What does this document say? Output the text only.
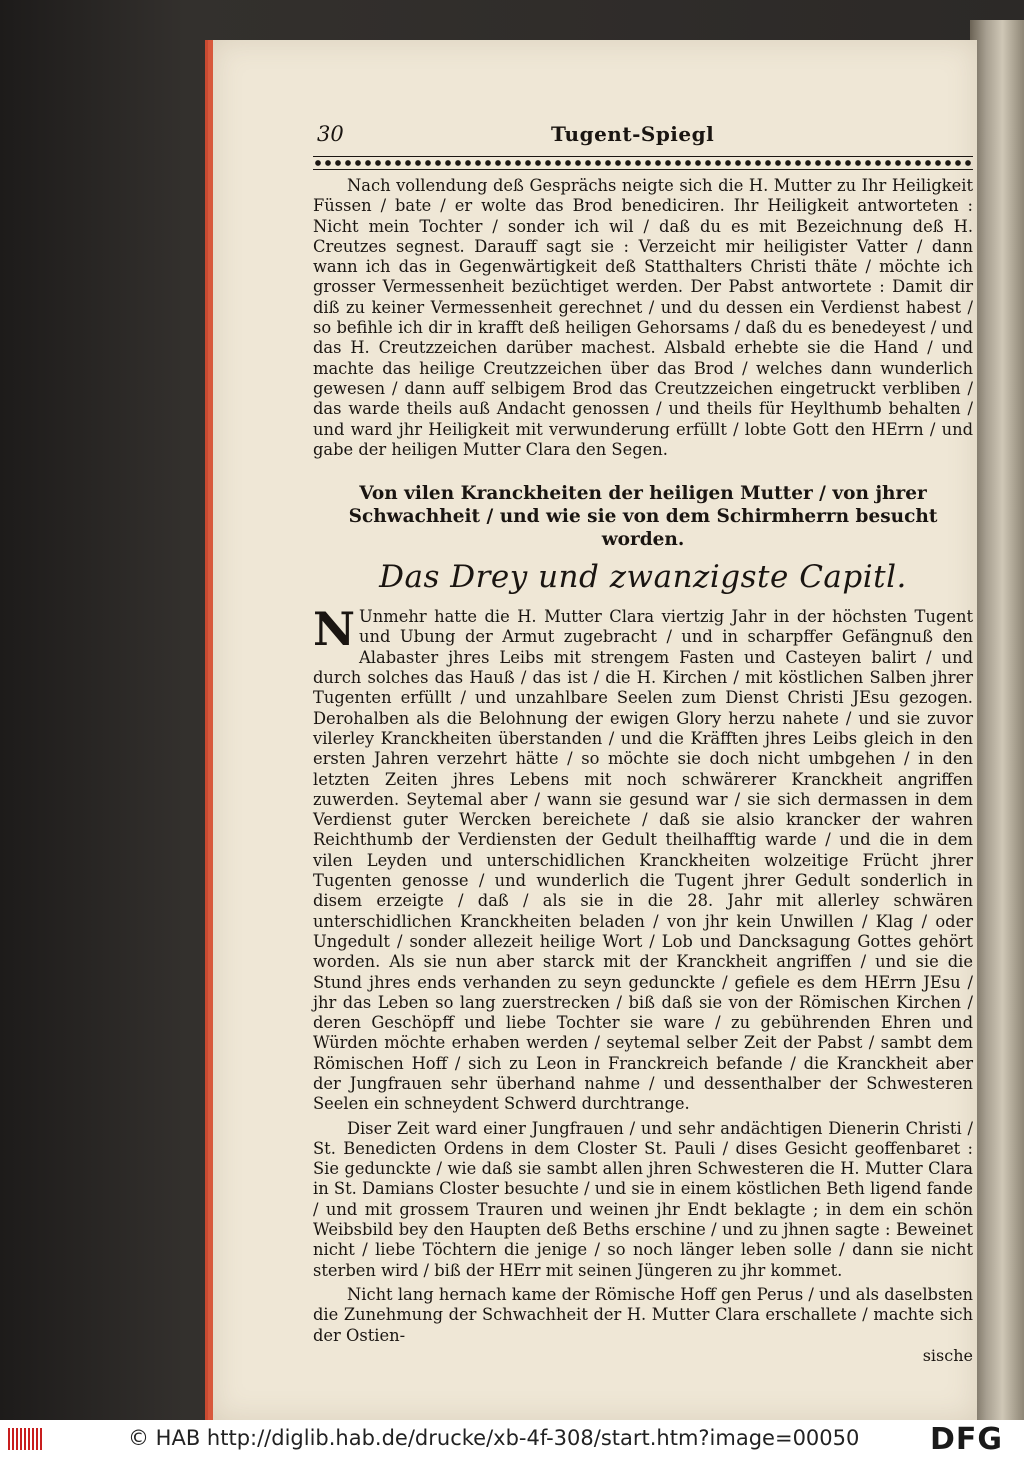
30	Tugent-Spiegl

Nach vollendung deß Gesprächs neigte sich die H. Mutter zu Ihr Heiligkeit Füssen / bate / er wolte das Brod benediciren. Ihr Heiligkeit antworteten : Nicht mein Tochter / sonder ich wil / daß du es mit Bezeichnung deß H. Creutzes segnest. Darauff sagt sie : Verzeicht mir heiligister Vatter / dann wann ich das in Gegenwärtigkeit deß Statthalters Christi thäte / möchte ich grosser Vermessenheit bezüchtiget werden. Der Pabst antwortete : Damit dir diß zu keiner Vermessenheit gerechnet / und du dessen ein Verdienst habest / so befihle ich dir in krafft deß heiligen Gehorsams / daß du es benedeyest / und das H. Creutzzeichen darüber machest. Alsbald erhebte sie die Hand / und machte das heilige Creutzzeichen über das Brod / welches dann wunderlich gewesen / dann auff selbigem Brod das Creutzzeichen eingetruckt verbliben / das warde theils auß Andacht genossen / und theils für Heylthumb behalten / und ward jhr Heiligkeit mit verwunderung erfüllt / lobte Gott den HErrn / und gabe der heiligen Mutter Clara den Segen.

Von vilen Kranckheiten der heiligen Mutter / von jhrer Schwachheit / und wie sie von dem Schirmherrn besucht worden.
Das Drey und zwanzigste Capitl.

N Unmehr hatte die H. Mutter Clara viertzig Jahr in der höchsten Tugent und Ubung der Armut zugebracht / und in scharpffer Gefängnuß den Alabaster jhres Leibs mit strengem Fasten und Casteyen balirt / und durch solches das Hauß / das ist / die H. Kirchen / mit köstlichen Salben jhrer Tugenten erfüllt / und unzahlbare Seelen zum Dienst Christi JEsu gezogen. Derohalben als die Belohnung der ewigen Glory herzu nahete / und sie zuvor vilerley Kranckheiten überstanden / und die Kräfften jhres Leibs gleich in den ersten Jahren verzehrt hätte / so möchte sie doch nicht umbgehen / in den letzten Zeiten jhres Lebens mit noch schwärerer Kranckheit angriffen zuwerden. Seytemal aber / wann sie gesund war / sie sich dermassen in dem Verdienst guter Wercken bereichete / daß sie alsio krancker der wahren Reichthumb der Verdiensten der Gedult theilhafftig warde / und die in dem vilen Leyden und unterschidlichen Kranckheiten wolzeitige Frücht jhrer Tugenten genosse / und wunderlich die Tugent jhrer Gedult sonderlich in disem erzeigte / daß / als sie in die 28. Jahr mit allerley schwären unterschidlichen Kranckheiten beladen / von jhr kein Unwillen / Klag / oder Ungedult / sonder allezeit heilige Wort / Lob und Dancksagung Gottes gehört worden. Als sie nun aber starck mit der Kranckheit angriffen / und sie die Stund jhres ends verhanden zu seyn gedunckte / gefiele es dem HErrn JEsu / jhr das Leben so lang zuerstrecken / biß daß sie von der Römischen Kirchen / deren Geschöpff und liebe Tochter sie ware / zu gebührenden Ehren und Würden möchte erhaben werden / seytemal selber Zeit der Pabst / sambt dem Römischen Hoff / sich zu Leon in Franckreich befande / die Kranckheit aber der Jungfrauen sehr überhand nahme / und dessenthalber der Schwesteren Seelen ein schneydent Schwerd durchtrange.

Diser Zeit ward einer Jungfrauen / und sehr andächtigen Dienerin Christi / St. Benedicten Ordens in dem Closter St. Pauli / dises Gesicht geoffenbaret : Sie gedunckte / wie daß sie sambt allen jhren Schwesteren die H. Mutter Clara in St. Damians Closter besuchte / und sie in einem köstlichen Beth ligend fande / und mit grossem Trauren und weinen jhr Endt beklagte ; in dem ein schön Weibsbild bey den Haupten deß Beths erschine / und zu jhnen sagte : Beweinet nicht / liebe Töchtern die jenige / so noch länger leben solle / dann sie nicht sterben wird / biß der HErr mit seinen Jüngeren zu jhr kommet.

Nicht lang hernach kame der Römische Hoff gen Perus / und als daselbsten die Zunehmung der Schwachheit der H. Mutter Clara erschallete / machte sich der Ostien-

sische
© HAB http://diglib.hab.de/drucke/xb-4f-308/start.htm?image=00050 DFG
